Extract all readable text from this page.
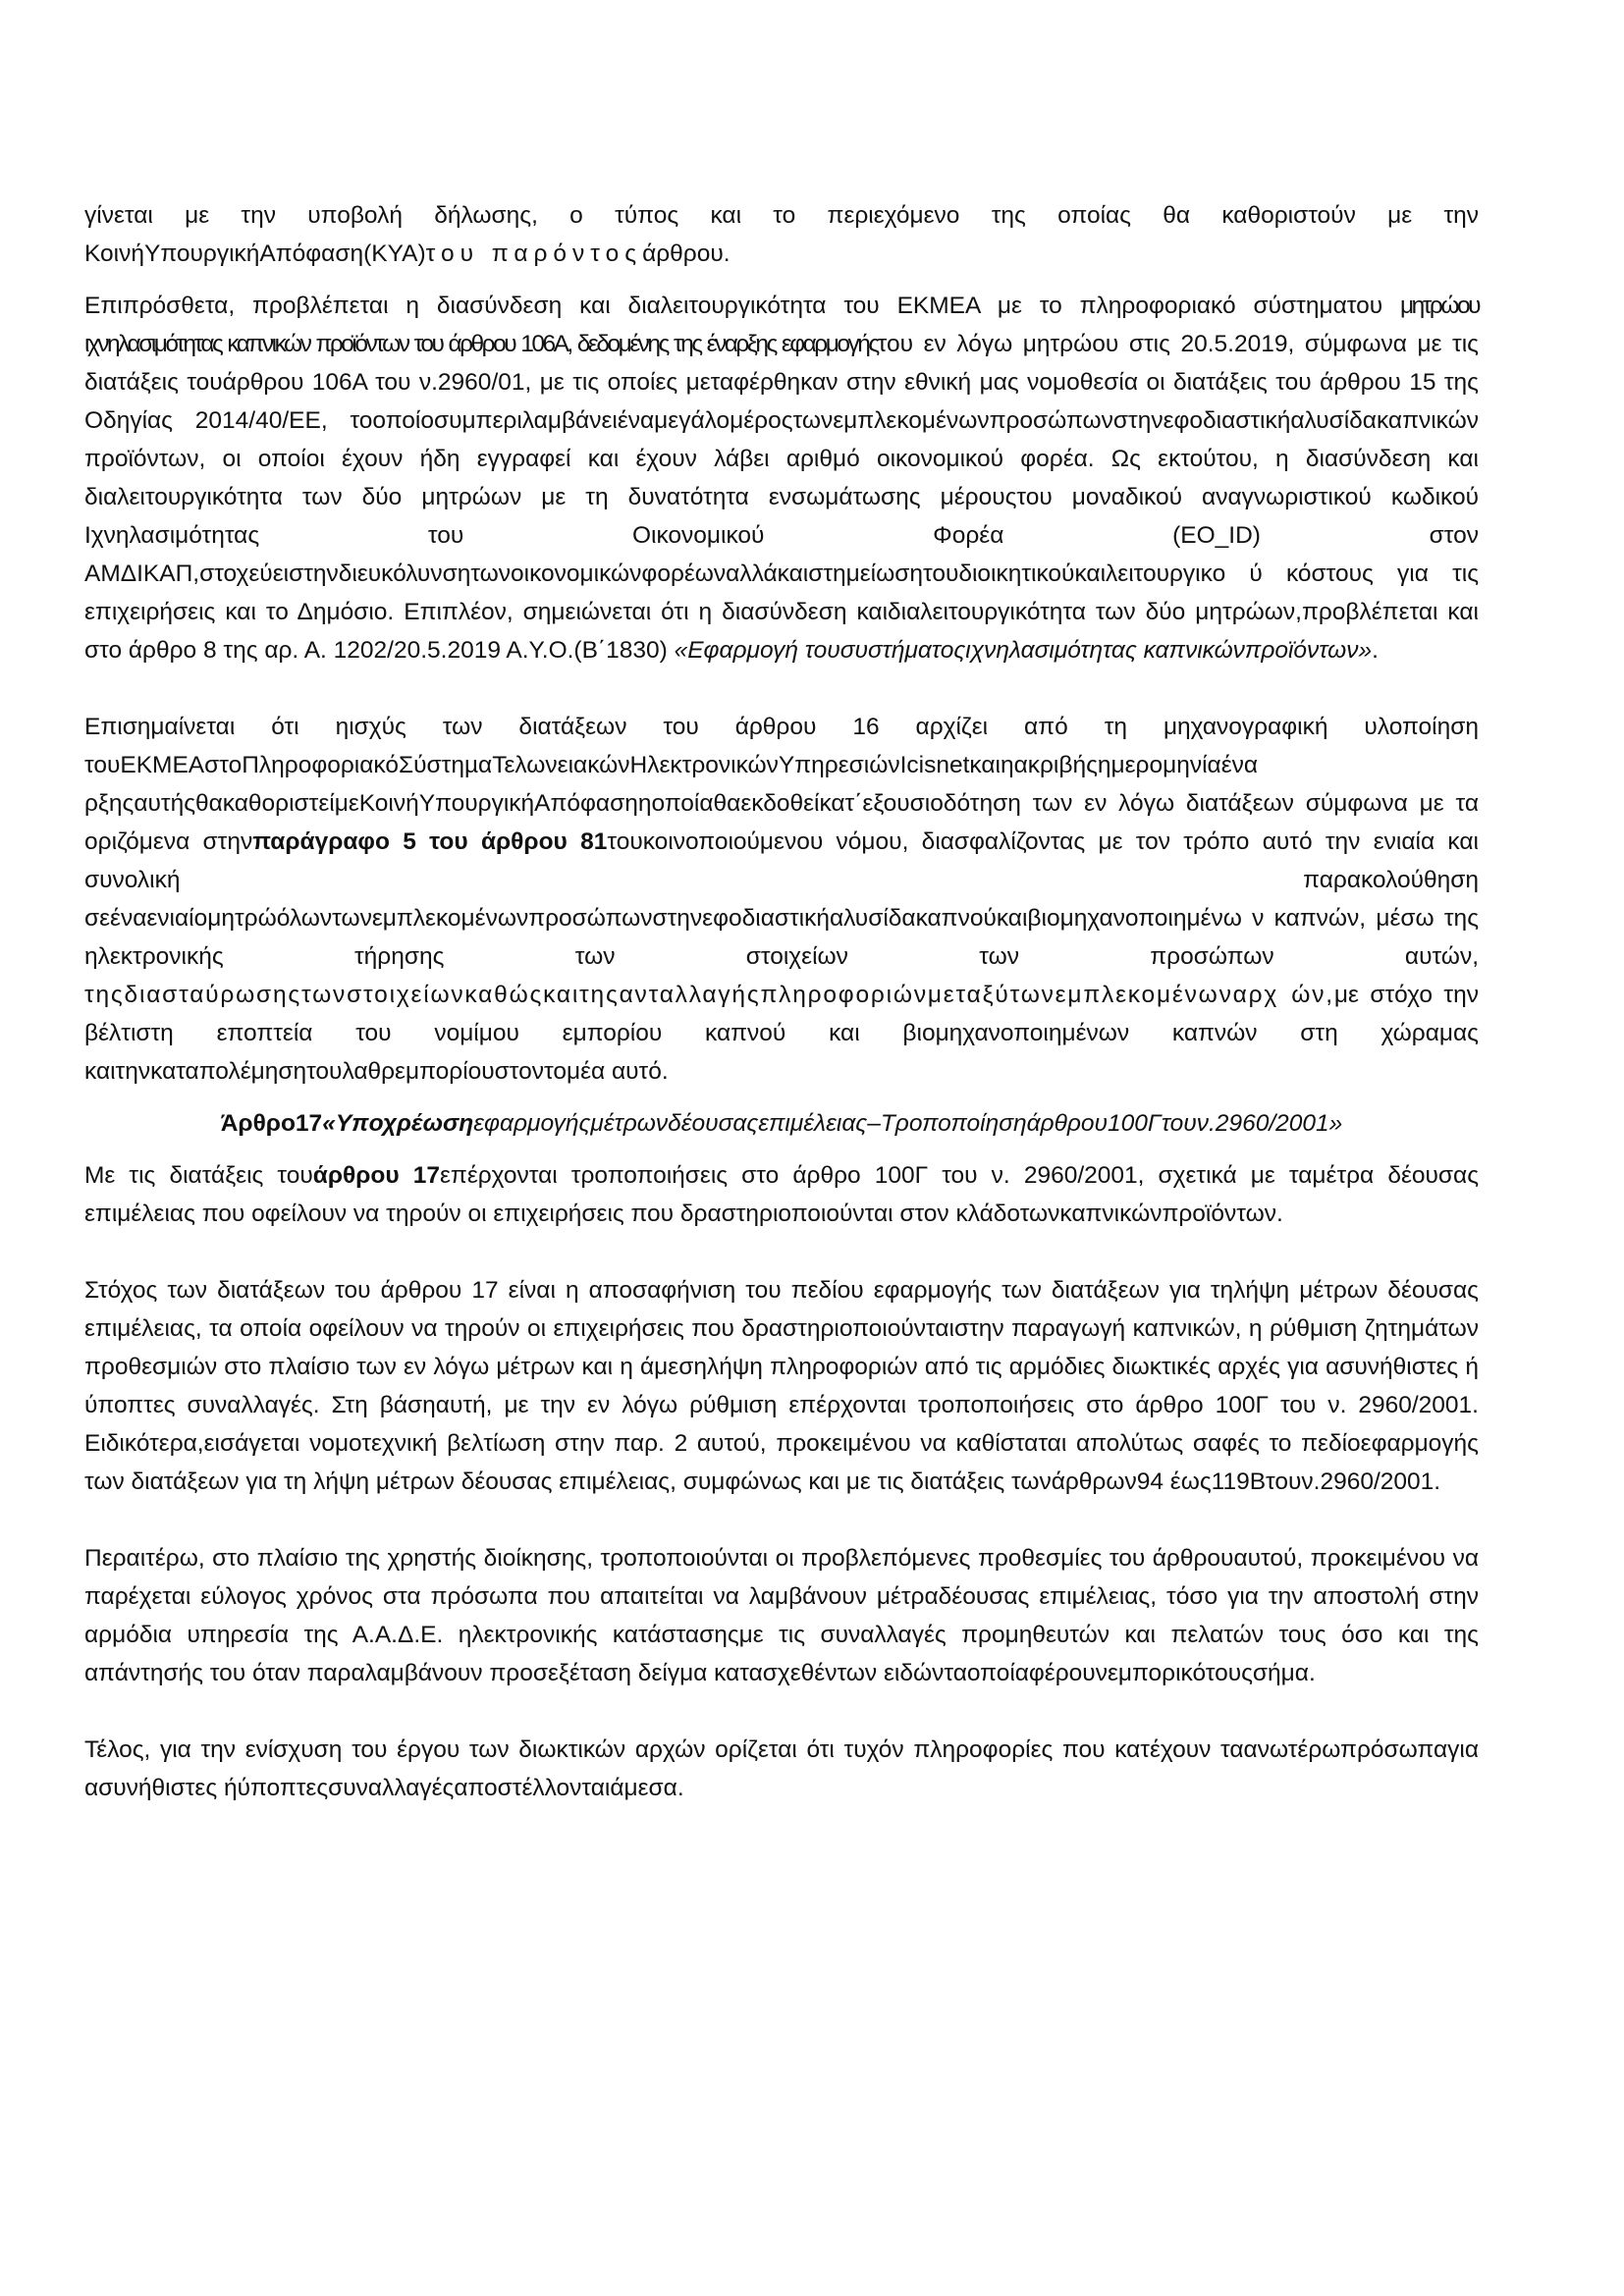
γίνεται με την υποβολή δήλωσης, ο τύπος και το περιεχόμενο της οποίας θα καθοριστούν με την ΚοινήΥπουργικήΑπόφαση(ΚΥΑ)του παρόντοςάρθρου.

Επιπρόσθετα, προβλέπεται η διασύνδεση και διαλειτουργικότητα του ΕΚΜΕΑ με το πληροφοριακό σύστηματου μητρώου ιχνηλασιμότητας καπνικών προϊόντων του άρθρου 106Α, δεδομένης της έναρξης εφαρμογήςτου εν λόγω μητρώου στις 20.5.2019, σύμφωνα με τις διατάξεις τουάρθρου 106Α του ν.2960/01, με τις οποίες μεταφέρθηκαν στην εθνική μας νομοθεσία οι διατάξεις του άρθρου 15 της Οδηγίας 2014/40/ΕΕ, τοοποίοσυμπεριλαμβάνειέναμεγάλομέροςτωνεμπλεκομένωνπροσώπωνστηνεφοδιαστικήαλυσίδακαπνικών προϊόντων, οι οποίοι έχουν ήδη εγγραφεί και έχουν λάβει αριθμό οικονομικού φορέα. Ως εκτούτου, η διασύνδεση και διαλειτουργικότητα των δύο μητρώων με τη δυνατότητα ενσωμάτωσης μέρουςτου μοναδικού αναγνωριστικού κωδικού Ιχνηλασιμότητας του Οικονομικού Φορέα (EO_ID) στον ΑΜΔΙΚΑΠ,στοχεύειστηνδιευκόλυνσητωνοικονομικώνφορέωναλλάκαιστημείωσητουδιοικητικούκαιλειτουργικο ύ κόστους για τις επιχειρήσεις και το Δημόσιο. Επιπλέον, σημειώνεται ότι η διασύνδεση καιδιαλειτουργικότητα των δύο μητρώων,προβλέπεται και στο άρθρο 8 της αρ. Α. 1202/20.5.2019 Α.Υ.Ο.(Β΄1830) «Εφαρμογή τουσυστήματοςιχνηλασιμότητας καπνικώνπροϊόντων».

Επισημαίνεται ότι ηισχύς των διατάξεων του άρθρου 16 αρχίζει από τη μηχανογραφική υλοποίηση τουΕΚΜΕΑστοΠληροφοριακόΣύστηµαΤελωνειακώνΗλεκτρονικώνΥπηρεσιώνIcisnetκαιηακριβήςημερομηνίαένα ρξηςαυτήςθακαθοριστείμεΚοινήΥπουργικήΑπόφασηηοποίαθαεκδοθείκατ΄εξουσιοδότηση των εν λόγω διατάξεων σύμφωνα με τα οριζόμενα στηνπαράγραφο 5 του άρθρου 81τουκοινοποιούμενου νόμου, διασφαλίζοντας με τον τρόπο αυτό την ενιαία και συνολική παρακολούθηση σεέναενιαίομητρώόλωντωνεμπλεκομένωνπροσώπωνστηνεφοδιαστικήαλυσίδακαπνούκαιβιομηχανοποιημένω ν καπνών, μέσω της ηλεκτρονικής τήρησης των στοιχείων των προσώπων αυτών, τηςδιασταύρωσηςτωνστοιχείωνκαθώςκαιτηςανταλλαγήςπληροφοριώνμεταξύτωνεμπλεκομένωναρχ ών,με στόχο την βέλτιστη εποπτεία του νομίμου εμπορίου καπνού και βιομηχανοποιημένων καπνών στη χώραμας καιτηνκαταπολέμησητουλαθρεμπορίουστοντομέα αυτό.

Άρθρο17«Υποχρέωσηεφαρμογήςμέτρωνδέουσαςεπιμέλειας–Τροποποίησηάρθρου100Γτουν.2960/2001»

Με τις διατάξεις τουάρθρου 17επέρχονται τροποποιήσεις στο άρθρο 100Γ του ν. 2960/2001, σχετικά με ταμέτρα δέουσας επιμέλειας που οφείλουν να τηρούν οι επιχειρήσεις που δραστηριοποιούνται στον κλάδοτωνκαπνικώνπροϊόντων.

Στόχος των διατάξεων του άρθρου 17 είναι η αποσαφήνιση του πεδίου εφαρμογής των διατάξεων για τηλήψη μέτρων δέουσας επιμέλειας, τα οποία οφείλουν να τηρούν οι επιχειρήσεις που δραστηριοποιούνταιστην παραγωγή καπνικών, η ρύθμιση ζητημάτων προθεσμιών στο πλαίσιο των εν λόγω μέτρων και η άμεσηλήψη πληροφοριών από τις αρμόδιες διωκτικές αρχές για ασυνήθιστες ή ύποπτες συναλλαγές. Στη βάσηαυτή, με την εν λόγω ρύθμιση επέρχονται τροποποιήσεις στο άρθρο 100Γ του ν. 2960/2001. Ειδικότερα,εισάγεται νομοτεχνική βελτίωση στην παρ. 2 αυτού, προκειμένου να καθίσταται απολύτως σαφές το πεδίοεφαρμογής των διατάξεων για τη λήψη μέτρων δέουσας επιμέλειας, συμφώνως και με τις διατάξεις τωνάρθρων94 έως119Βτουν.2960/2001.

Περαιτέρω, στο πλαίσιο της χρηστής διοίκησης, τροποποιούνται οι προβλεπόμενες προθεσμίες του άρθρουαυτού, προκειμένου να παρέχεται εύλογος χρόνος στα πρόσωπα που απαιτείται να λαμβάνουν μέτραδέουσας επιμέλειας, τόσο για την αποστολή στην αρμόδια υπηρεσία της Α.Α.Δ.Ε. ηλεκτρονικής κατάστασηςμε τις συναλλαγές προμηθευτών και πελατών τους όσο και της απάντησής του όταν παραλαμβάνουν προσεξέταση δείγμα κατασχεθέντων ειδώνταοποίαφέρουνεμπορικότουςσήμα.

Τέλος, για την ενίσχυση του έργου των διωκτικών αρχών ορίζεται ότι τυχόν πληροφορίες που κατέχουν ταανωτέρωπρόσωπαγια ασυνήθιστες ήύποπτεςσυναλλαγέςαποστέλλονταιάμεσα.
